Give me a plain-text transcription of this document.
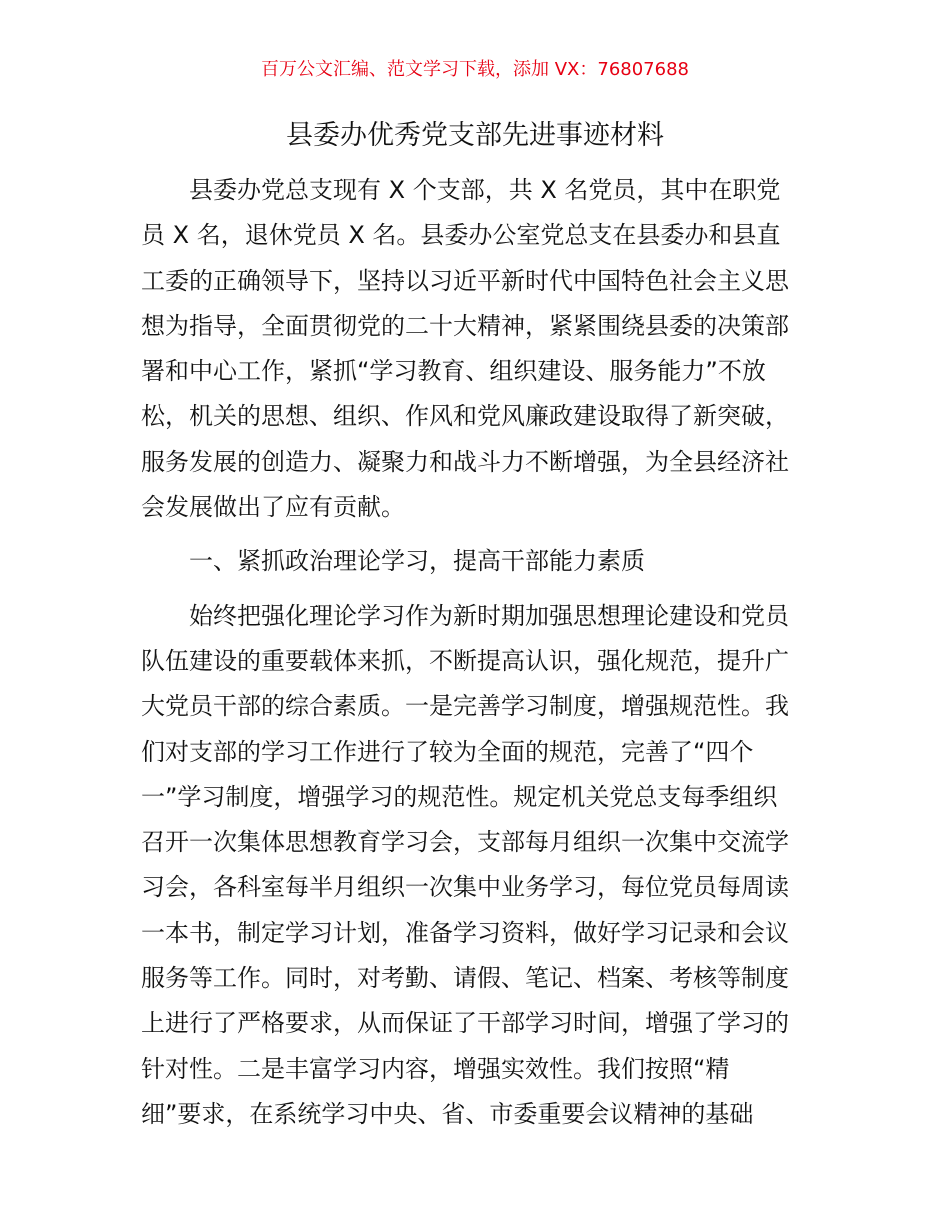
百万公文汇编、范文学习下载，添加 VX：76807688
县委办优秀党支部先进事迹材料
县委办党总支现有 X 个支部，共 X 名党员，其中在职党
员 X 名，退休党员 X 名。县委办公室党总支在县委办和县直
工委的正确领导下，坚持以习近平新时代中国特色社会主义思
想为指导，全面贯彻党的二十大精神，紧紧围绕县委的决策部
署和中心工作，紧抓“学习教育、组织建设、服务能力”不放
松，机关的思想、组织、作风和党风廉政建设取得了新突破，
服务发展的创造力、凝聚力和战斗力不断增强，为全县经济社
会发展做出了应有贡献。
一、紧抓政治理论学习，提高干部能力素质
始终把强化理论学习作为新时期加强思想理论建设和党员
队伍建设的重要载体来抓，不断提高认识，强化规范，提升广
大党员干部的综合素质。一是完善学习制度，增强规范性。我
们对支部的学习工作进行了较为全面的规范，完善了“四个
一”学习制度，增强学习的规范性。规定机关党总支每季组织
召开一次集体思想教育学习会，支部每月组织一次集中交流学
习会，各科室每半月组织一次集中业务学习，每位党员每周读
一本书，制定学习计划，准备学习资料，做好学习记录和会议
服务等工作。同时，对考勤、请假、笔记、档案、考核等制度
上进行了严格要求，从而保证了干部学习时间，增强了学习的
针对性。二是丰富学习内容，增强实效性。我们按照“精
细”要求，在系统学习中央、省、市委重要会议精神的基础
